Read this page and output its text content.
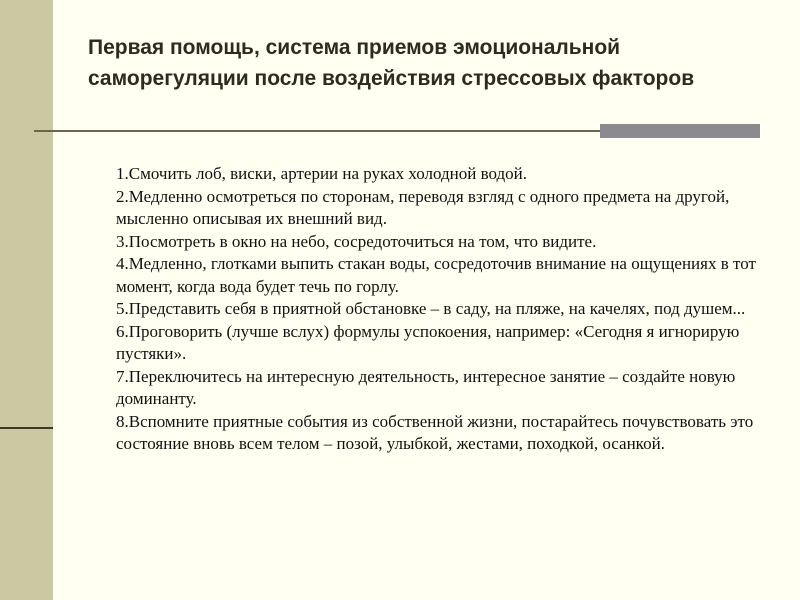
Первая помощь, система приемов эмоциональной саморегуляции после воздействия стрессовых факторов

1.Смочить лоб, виски, артерии на руках холодной водой.

2.Медленно осмотреться по сторонам, переводя взгляд с одного предмета на другой, мысленно описывая их внешний вид.

3.Посмотреть в окно на небо, сосредоточиться на том, что видите.

4.Медленно, глотками выпить стакан воды, сосредоточив внимание на ощущениях в тот момент, когда вода будет течь по горлу.

5.Представить себя в приятной обстановке – в саду, на пляже, на качелях, под душем...

6.Проговорить (лучше вслух) формулы успокоения, например: «Сегодня я игнорирую пустяки».

7.Переключитесь на интересную деятельность, интересное занятие – создайте новую доминанту.

8.Вспомните приятные события из собственной жизни, постарайтесь почувствовать это состояние вновь всем телом – позой, улыбкой, жестами, походкой, осанкой.
